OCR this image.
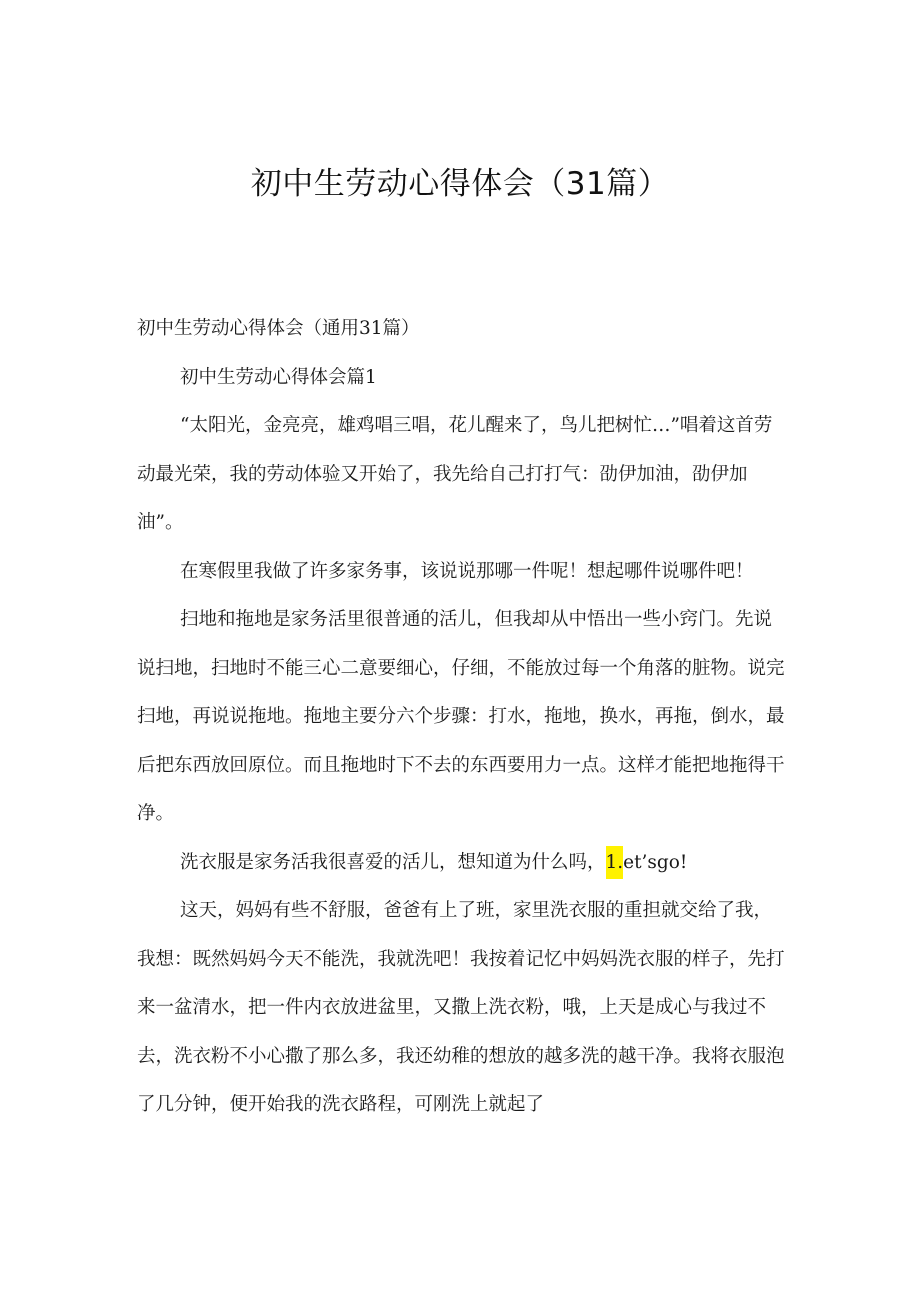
初中生劳动心得体会（31篇）

初中生劳动心得体会（通用31篇）

初中生劳动心得体会篇1

“太阳光，金亮亮，雄鸡唱三唱，花儿醒来了，鸟儿把树忙…”唱着这首劳动最光荣，我的劳动体验又开始了，我先给自己打打气：劭伊加油，劭伊加油”。

在寒假里我做了许多家务事，该说说那哪一件呢！想起哪件说哪件吧！

扫地和拖地是家务活里很普通的活儿，但我却从中悟出一些小窍门。先说说扫地，扫地时不能三心二意要细心，仔细，不能放过每一个角落的脏物。说完扫地，再说说拖地。拖地主要分六个步骤：打水，拖地，换水，再拖，倒水，最后把东西放回原位。而且拖地时下不去的东西要用力一点。这样才能把地拖得干净。

洗衣服是家务活我很喜爱的活儿，想知道为什么吗，1.et’sgo!

这天，妈妈有些不舒服，爸爸有上了班，家里洗衣服的重担就交给了我，我想：既然妈妈今天不能洗，我就洗吧！我按着记忆中妈妈洗衣服的样子，先打来一盆清水，把一件内衣放进盆里，又撒上洗衣粉，哦，上天是成心与我过不去，洗衣粉不小心撒了那么多，我还幼稚的想放的越多洗的越干净。我将衣服泡了几分钟，便开始我的洗衣路程，可刚洗上就起了
